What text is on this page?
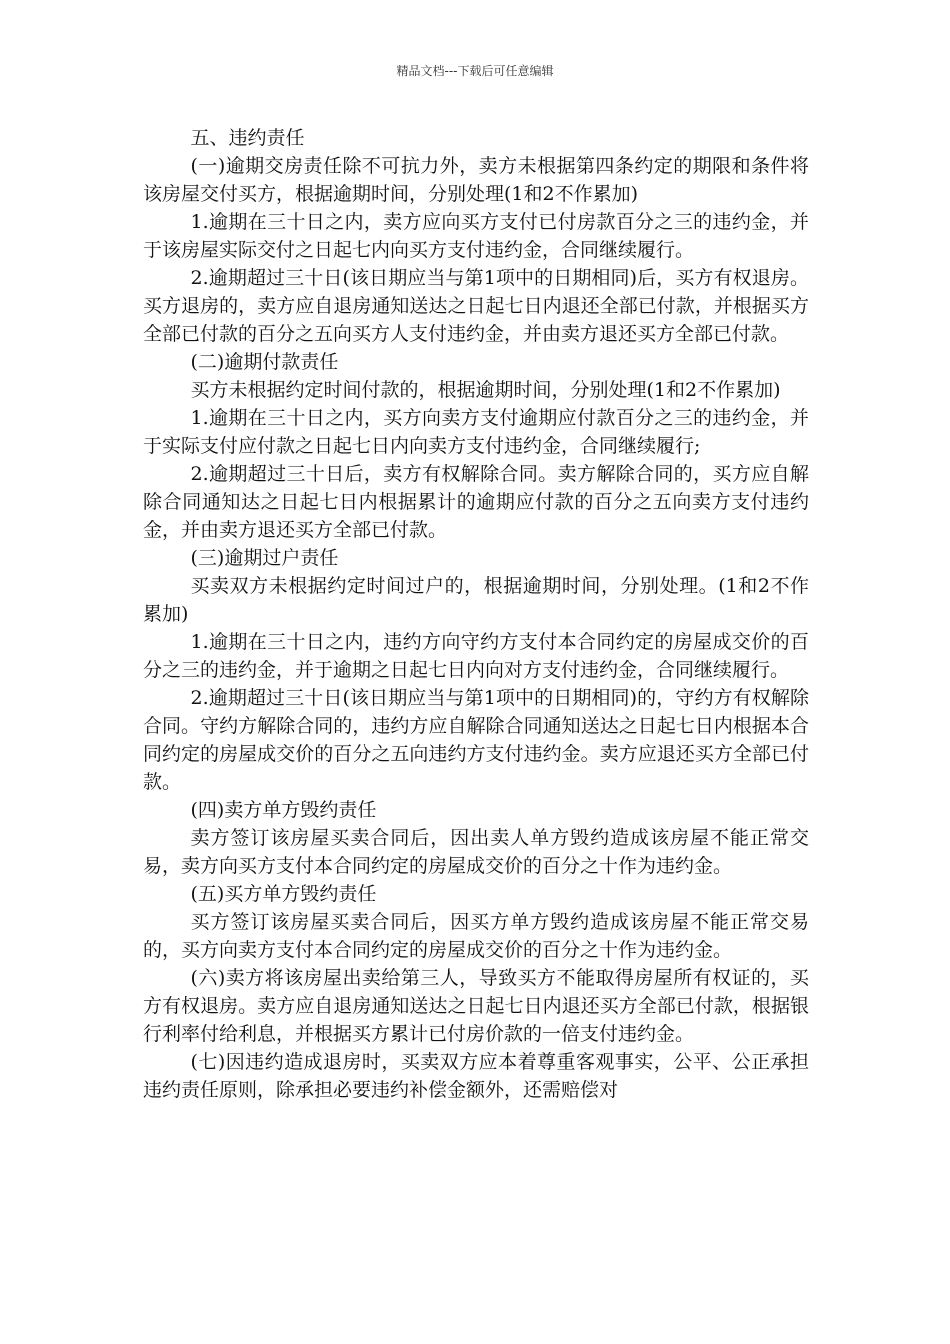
精品文档---下载后可任意编辑

五、违约责任

(一)逾期交房责任除不可抗力外，卖方未根据第四条约定的期限和条件将该房屋交付买方，根据逾期时间，分别处理(1和2不作累加)

1.逾期在三十日之内，卖方应向买方支付已付房款百分之三的违约金，并于该房屋实际交付之日起七内向买方支付违约金，合同继续履行。

2.逾期超过三十日(该日期应当与第1项中的日期相同)后，买方有权退房。买方退房的，卖方应自退房通知送达之日起七日内退还全部已付款，并根据买方全部已付款的百分之五向买方人支付违约金，并由卖方退还买方全部已付款。

(二)逾期付款责任

买方未根据约定时间付款的，根据逾期时间，分别处理(1和2不作累加)

1.逾期在三十日之内，买方向卖方支付逾期应付款百分之三的违约金，并于实际支付应付款之日起七日内向卖方支付违约金，合同继续履行;

2.逾期超过三十日后，卖方有权解除合同。卖方解除合同的，买方应自解除合同通知达之日起七日内根据累计的逾期应付款的百分之五向卖方支付违约金，并由卖方退还买方全部已付款。

(三)逾期过户责任

买卖双方未根据约定时间过户的，根据逾期时间，分别处理。(1和2不作累加)

1.逾期在三十日之内，违约方向守约方支付本合同约定的房屋成交价的百分之三的违约金，并于逾期之日起七日内向对方支付违约金，合同继续履行。

2.逾期超过三十日(该日期应当与第1项中的日期相同)的，守约方有权解除合同。守约方解除合同的，违约方应自解除合同通知送达之日起七日内根据本合同约定的房屋成交价的百分之五向违约方支付违约金。卖方应退还买方全部已付款。

(四)卖方单方毁约责任

卖方签订该房屋买卖合同后，因出卖人单方毁约造成该房屋不能正常交易，卖方向买方支付本合同约定的房屋成交价的百分之十作为违约金。

(五)买方单方毁约责任

买方签订该房屋买卖合同后，因买方单方毁约造成该房屋不能正常交易的，买方向卖方支付本合同约定的房屋成交价的百分之十作为违约金。

(六)卖方将该房屋出卖给第三人，导致买方不能取得房屋所有权证的，买方有权退房。卖方应自退房通知送达之日起七日内退还买方全部已付款，根据银行利率付给利息，并根据买方累计已付房价款的一倍支付违约金。

(七)因违约造成退房时，买卖双方应本着尊重客观事实，公平、公正承担违约责任原则，除承担必要违约补偿金额外，还需赔偿对
